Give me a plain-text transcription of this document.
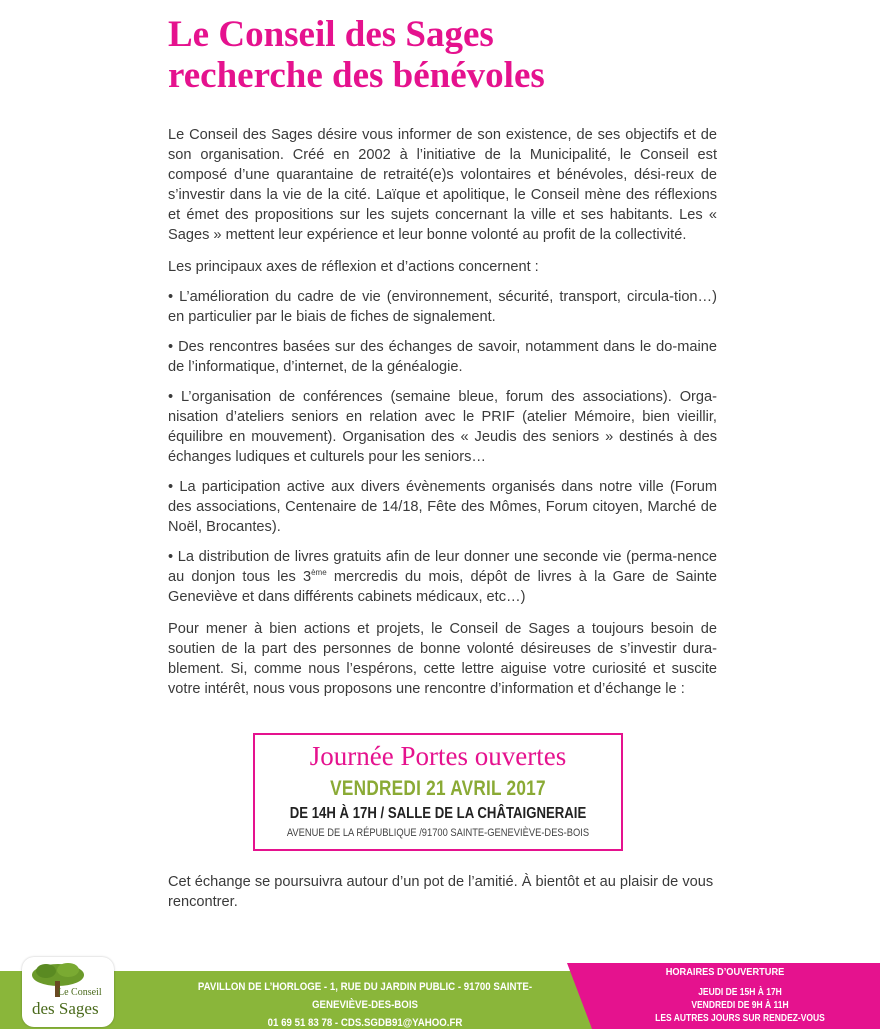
Le Conseil des Sages
recherche des bénévoles

Le Conseil des Sages désire vous informer de son existence, de ses objectifs et de son organisation. Créé en 2002 à l’initiative de la Municipalité, le Conseil est composé d’une quarantaine de retraité(e)s volontaires et bénévoles, dési-reux de s’investir dans la vie de la cité. Laïque et apolitique, le Conseil mène des réflexions et émet des propositions sur les sujets concernant la ville et ses habitants. Les « Sages » mettent leur expérience et leur bonne volonté au profit de la collectivité.

Les principaux axes de réflexion et d’actions concernent :

• L’amélioration du cadre de vie (environnement, sécurité, transport, circula-tion…) en particulier par le biais de fiches de signalement.

• Des rencontres basées sur des échanges de savoir, notamment dans le do-maine de l’informatique, d’internet, de la généalogie.

• L’organisation de conférences (semaine bleue, forum des associations). Orga-nisation d’ateliers seniors en relation avec le PRIF (atelier Mémoire, bien vieillir, équilibre en mouvement). Organisation des « Jeudis des seniors » destinés à des échanges ludiques et culturels pour les seniors…

• La participation active aux divers évènements organisés dans notre ville (Forum des associations, Centenaire de 14/18, Fête des Mômes, Forum citoyen, Marché de Noël, Brocantes).

• La distribution de livres gratuits afin de leur donner une seconde vie (perma-nence au donjon tous les 3ème mercredis du mois, dépôt de livres à la Gare de Sainte Geneviève et dans différents cabinets médicaux, etc…)

Pour mener à bien actions et projets, le Conseil de Sages a toujours besoin de soutien de la part des personnes de bonne volonté désireuses de s’investir dura-blement. Si, comme nous l’espérons, cette lettre aiguise votre curiosité et suscite votre intérêt, nous vous proposons une rencontre d’information et d’échange le :

Journée Portes ouvertes
VENDREDI 21 AVRIL 2017
DE 14H À 17H / SALLE DE LA CHÂTAIGNERAIE
AVENUE DE LA RÉPUBLIQUE /91700 SAINTE-GENEVIÈVE-DES-BOIS

Cet échange se poursuivra autour d’un pot de l’amitié. À bientôt et au plaisir de vous rencontrer.

Le Conseil
des Sages
PAVILLON DE L’HORLOGE - 1, RUE DU JARDIN PUBLIC - 91700 SAINTE-GENEVIÈVE-DES-BOIS
01 69 51 83 78 - CDS.SGDB91@YAHOO.FR
HORAIRES D’OUVERTURE
JEUDI DE 15H À 17H
VENDREDI DE 9H À 11H
LES AUTRES JOURS SUR RENDEZ-VOUS
